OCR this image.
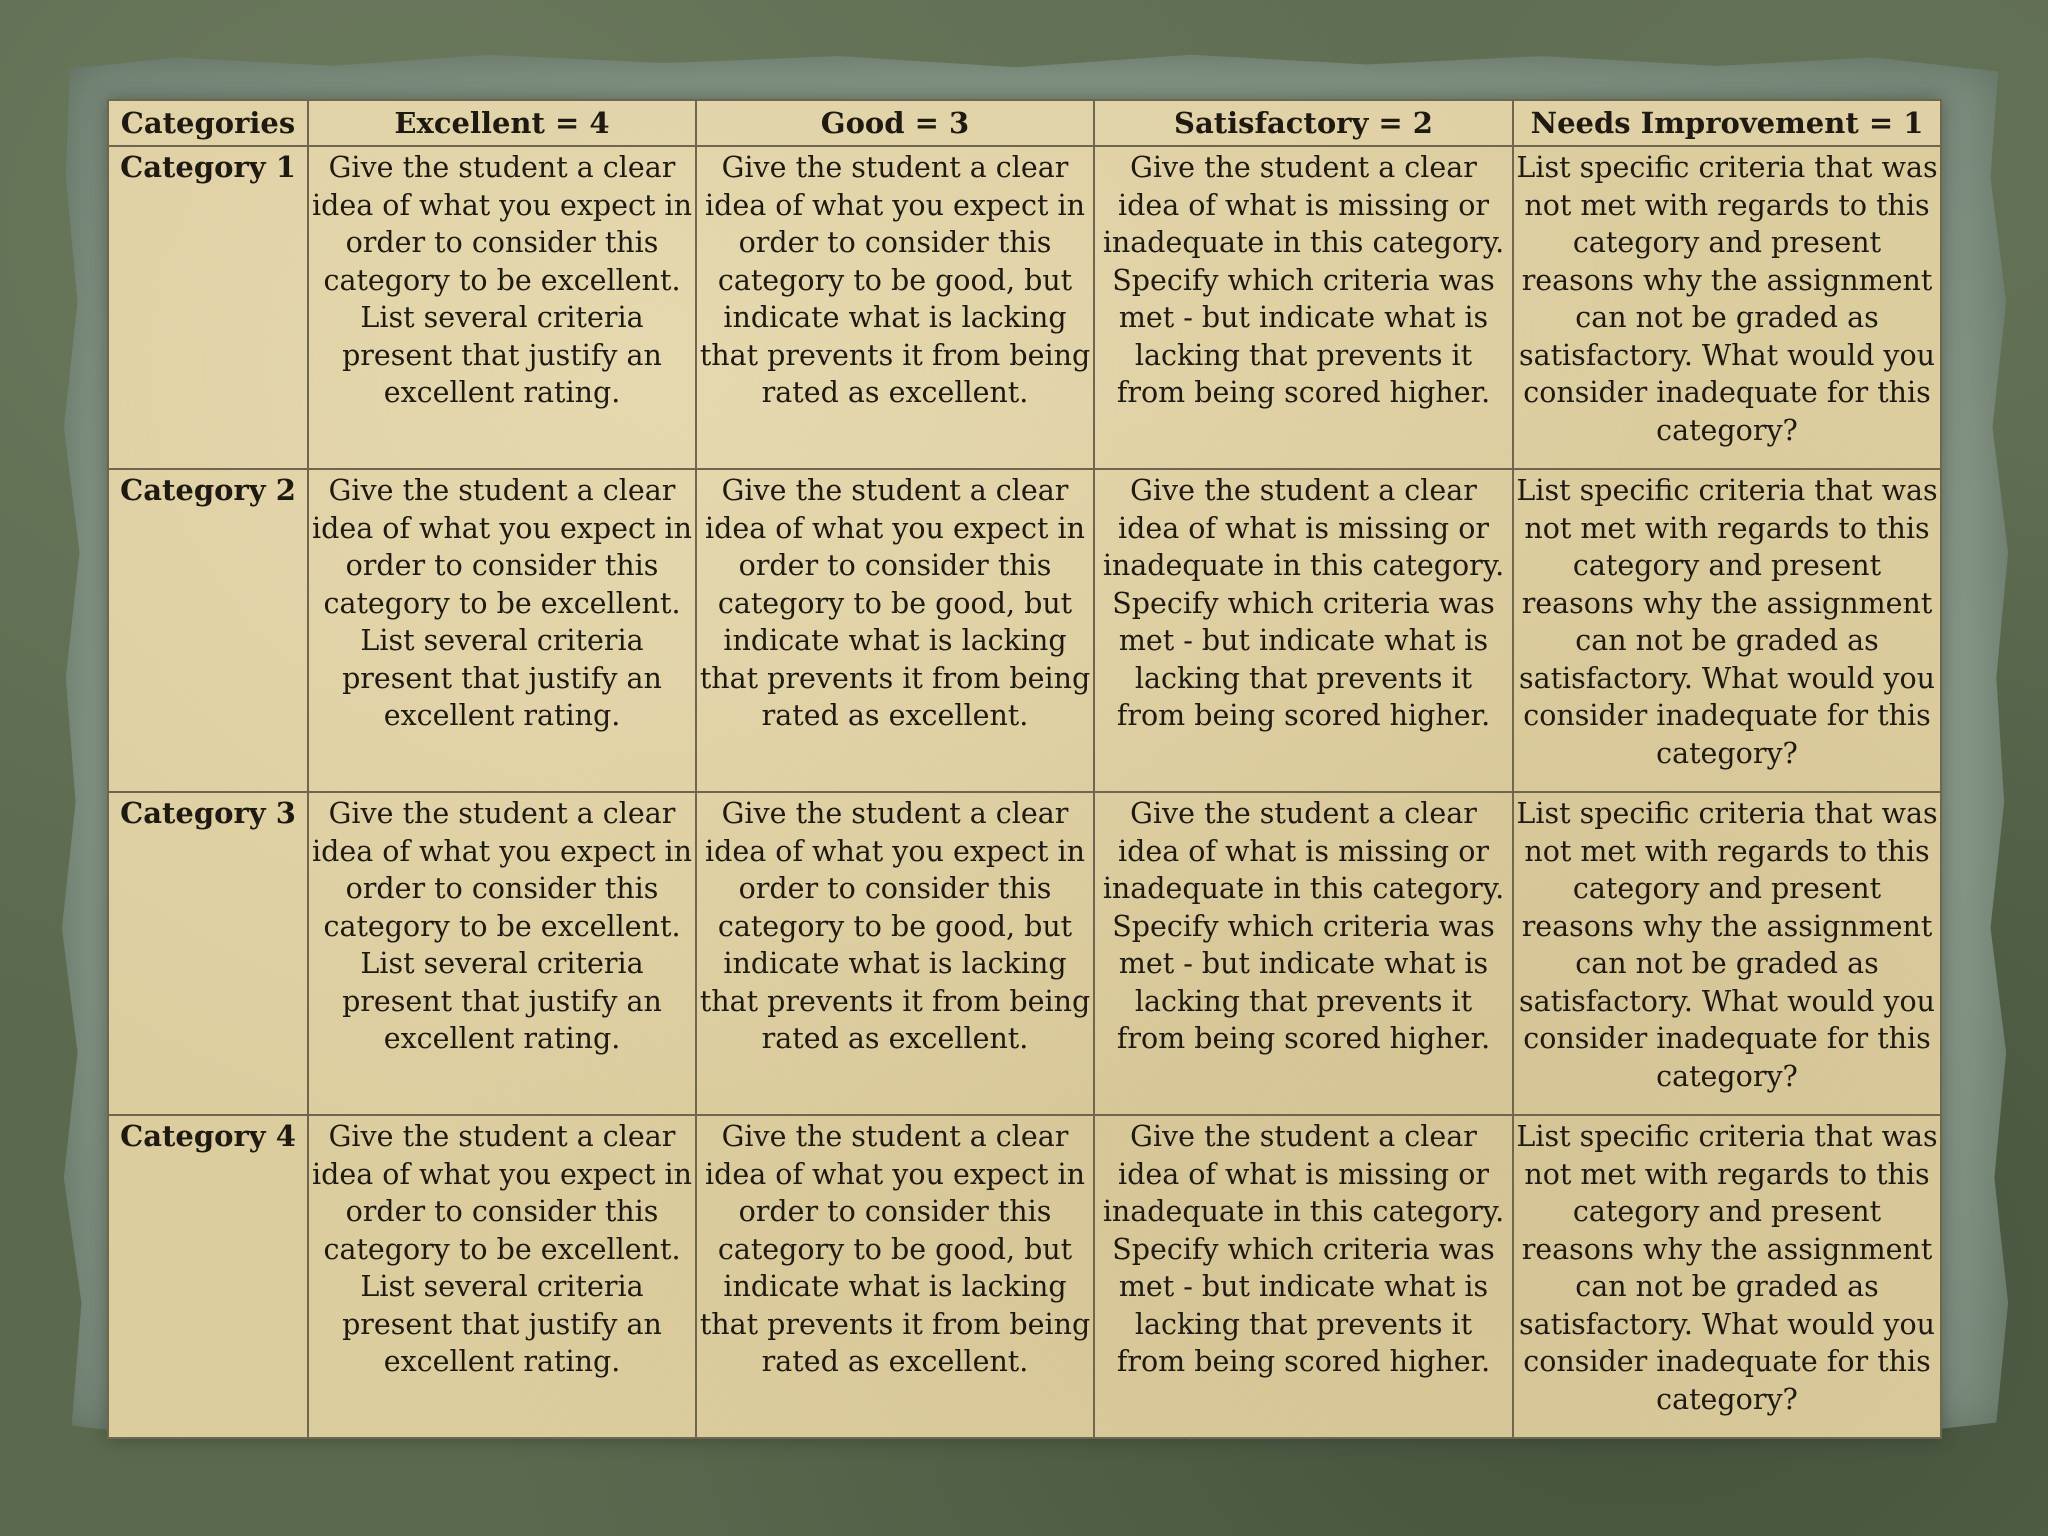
Categories	Excellent = 4	Good = 3	Satisfactory = 2	Needs Improvement = 1
Category 1	Give the student a clear idea of what you expect in order to consider this category to be excellent. List several criteria present that justify an excellent rating.	Give the student a clear idea of what you expect in order to consider this category to be good, but indicate what is lacking that prevents it from being rated as excellent.	Give the student a clear idea of what is missing or inadequate in this category. Specify which criteria was met - but indicate what is lacking that prevents it from being scored higher.	List specific criteria that was not met with regards to this category and present reasons why the assignment can not be graded as satisfactory. What would you consider inadequate for this category?
Category 2	Give the student a clear idea of what you expect in order to consider this category to be excellent. List several criteria present that justify an excellent rating.	Give the student a clear idea of what you expect in order to consider this category to be good, but indicate what is lacking that prevents it from being rated as excellent.	Give the student a clear idea of what is missing or inadequate in this category. Specify which criteria was met - but indicate what is lacking that prevents it from being scored higher.	List specific criteria that was not met with regards to this category and present reasons why the assignment can not be graded as satisfactory. What would you consider inadequate for this category?
Category 3	Give the student a clear idea of what you expect in order to consider this category to be excellent. List several criteria present that justify an excellent rating.	Give the student a clear idea of what you expect in order to consider this category to be good, but indicate what is lacking that prevents it from being rated as excellent.	Give the student a clear idea of what is missing or inadequate in this category. Specify which criteria was met - but indicate what is lacking that prevents it from being scored higher.	List specific criteria that was not met with regards to this category and present reasons why the assignment can not be graded as satisfactory. What would you consider inadequate for this category?
Category 4	Give the student a clear idea of what you expect in order to consider this category to be excellent. List several criteria present that justify an excellent rating.	Give the student a clear idea of what you expect in order to consider this category to be good, but indicate what is lacking that prevents it from being rated as excellent.	Give the student a clear idea of what is missing or inadequate in this category. Specify which criteria was met - but indicate what is lacking that prevents it from being scored higher.	List specific criteria that was not met with regards to this category and present reasons why the assignment can not be graded as satisfactory. What would you consider inadequate for this category?
